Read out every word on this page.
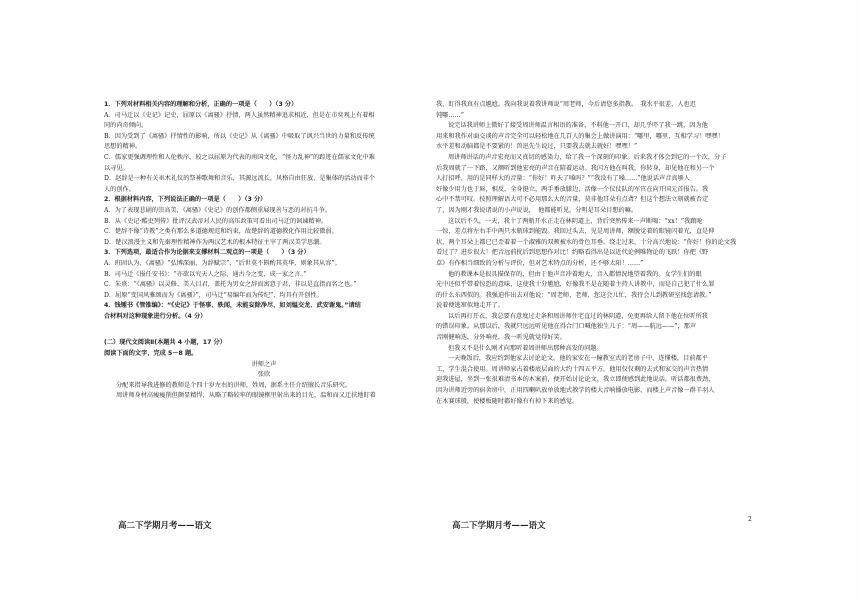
1．下列对材料相关内容的理解和分析，正确的一项是（　　）（3 分）
A．司马迁以《史记》记史，屈原以《离骚》抒情，两人虽然精神追求相近，但是在市奕观上有着相
同的尚奇倾向。
B．因为受到了《离骚》抒情性的影响，所以《史记》从《离骚》中吸取了讽兴当世的力量和反传统
思想的精神。
C．儒家更强调理性和人伦秩序，较之以屈原为代表的南国文化，“怪力乱神”的踪迹在儒家文化中难
以寻见。
D．赵辞是一种有关巫术礼仪的祭神歌舞和音乐，其源远流长，风格自由狂放，是集体的活动而非个
人的创作。
2．根据材料内容，下列说法正确的一项是（　　）（3 分）
A．为了表现悲剧的崇高美，《离骚》《史记》的创作都侧重展现善与恶的对抗斗争。
B．从《史记·酷吏列传》批评汉武帝对人民的高压政策可看出司马迁的讽谏精神。
C．楚辞不像“诗教”之类有那么多道德规范和约束，故楚辞的道德教化作用比较微弱。
D．楚汉浪漫主义和先秦理性精神作为两汉艺术的根本特征主宰了两汉美学思潮。
3．下列选项，最适合作为论据来支撑材料二观点的一项是（　　）（3 分）
A．班固认为，《离骚》“弘博深丽，为辞赋宗”，“后世莫不斟酌其英华，则象其从容”。
B．司马迁《报任安书》：“亦欲以究天人之际，通古今之变，成一家之言。”
C．朱熹：“《离骚》以灵修、美人目君，盖托为男女之辞而寓意于君，非以是直指而名之也。”
D．屈原“变国风雅颂而为《离骚》”，司马迁“易编年而为传纪”，均具有开创性。
4．钱锺书《管锥编》：“《史记》于怪事、轶闻，未能妄除净尽，如刘媪交龙、武安谢鬼。”请结
合材料对这种现象进行分析。（4 分）
(二）现代文阅读Ⅱ(本题共 4 小题，17 分）
阅读下面的文字，完成 5～8 题。
讲师之声
张欣
分配来指导我进修的教师是个四十岁左右的讲师，姓周，据系主任介绍擅长音乐研究。
周讲师身材高瘦瘦削但颇显精悍，从略了略较牢的眼镜框里射出来的目光，温和而又迂扶地盯着
我，盯得我真有点尴尬。我向我说着我讲师说“周老师，今后请您多指教。　我水平很差，人也迟
钝哪……”
说完话我讲师上微好了接受周讲师温言相语的准备，不料他一开口，却几乎吓了我一跳，因为他
用来和我作对面交谈的声音完全可以轻松地在几百人的集会上做讲演用：“哪里，哪里，互相学习！嘿嘿！
水平差和动脑都是不要紧的！兽迅先生说过，只要我去就去就好！嘿嘿！”
周讲师讲话的声音宏亮而又真切的感染力，给了我一个深刻的印象。后来我才体会到它的一个次，分子
后我周就了一下路，又额听到他宏亮的声音在陪着运动。我闪方他在叫我，你转身，却见他在和另一个
人打招呼，用的是同样大的音量：“你好！昨天了嗓吗？”“我没有了嗓……”他说话声音真够人
好像少用力也于唇，相反，全身挺立，两手垂放膝边，活像一个仪仗队的军官在向开国元首报告。我
心中不禁可叹。按照理解语大可不必用那么大的音量，莫非他耳朵有点聋？但这个想法立刻就被否定
了，因为刚才我说诸说的小声说说，　他都能听见，分明是耳朵目想的嘛。
这以后不久，一天，我十了两瓶开水正走在林阴道上，背后突然传来一声断喝：“xx！”我踉呛
一惊，差点将左右手中两只水瓶球到能毁。我回过头去，见是周讲师，额脱觉着的眼镜闪着光，直是伸
状，两个耳朵上都已已歪着着一个淑雅的双颊被水的骨色耳垂。绕走过来，十分高兴地说：“你好！你的论文我
看过了？进步很大！把音远前扰后到思想作对比！约略看得出是以近代论例唯物论的飞跃！你把《野
草》有作相当细致的分析与评价，但对艺术特点的分析，还不够太阳！……”
他的教课本是很具描保存的，但由于他声音冲着地大，音入都情況地望着我的。女学生们的眼
光中还似乎带着惊恐的意味，这使我十分尴尬，好像我不是在随着主持人讲教中，而是自己犯了什么罪
的什么东西似的。我强迫作出去对他说：“周老师，老师，您这会儿忙，我待会儿到教研室找您请教。”
说着便逃窜似地走开了。
以后再打开衣，我总要有意度过走条和周讲师住宅直过的林阴道，免更再给人留下他在位听所我
的错误印象。从那以后，我就只远远听见他在得合门口喊他独生儿子：“周——航远——”，那声
音刚健响迭，分外响亮，我一听见就觉得好笑。
但我又不是什么刚才向那听着周讲师出那种高发的问题。
一天晚饭后，我应约到他家去讨论论文。他的家安在一幢教室式的老房子中，连懂楼，目前都平
工，学生混合使用。周讲师家占着楼底层面的大约十四五平方，他用仅仅剩的去式和家交的声音热情
迎我进屋，坐到一张很难清书本的木案前，便开始讨论论文，我立即便感到此地说话，听话都很费劲，
因为讲师近旁的宿舍房中，正用四喇叭放单放地式教学的楼大音响播放电影，而楼上声音像一群羊羽人
在木赛球般，使楼板随时都好像有有掉下来的感觉。
高二下学期月考——语文	高二下学期月考——语文
2
